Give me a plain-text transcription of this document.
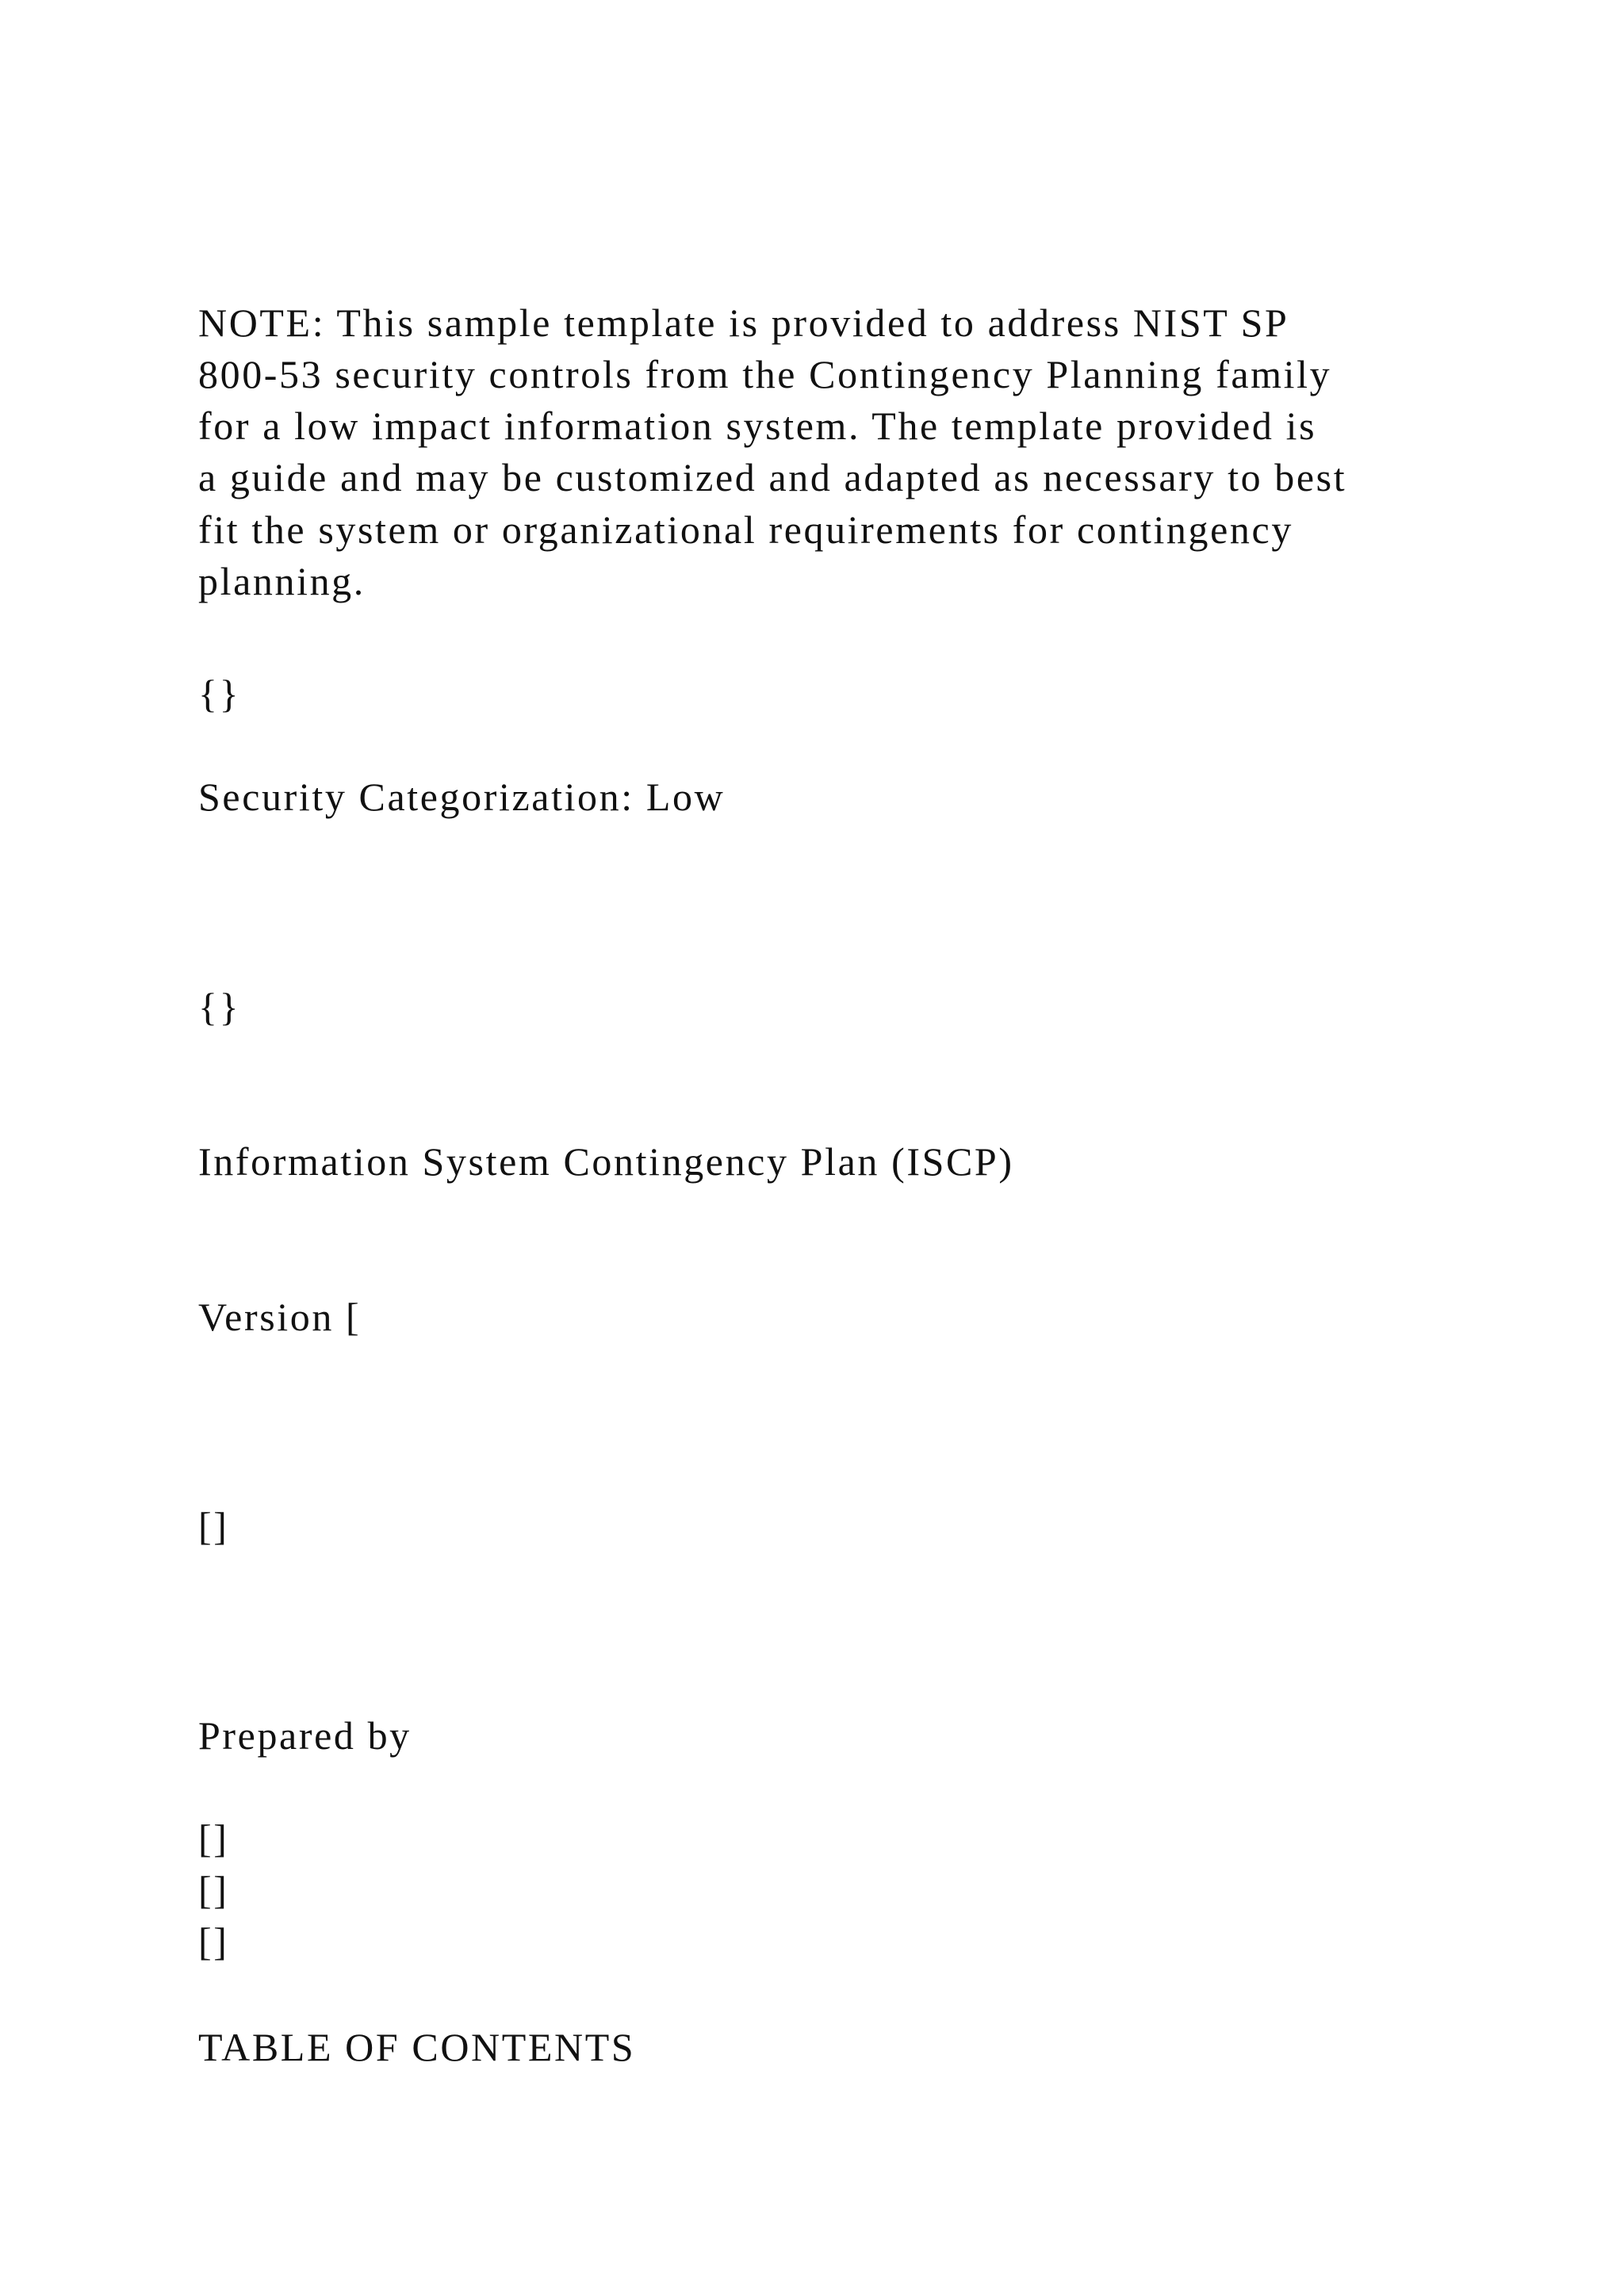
NOTE: This sample template is provided to address NIST SP

800-53 security controls from the Contingency Planning family

for a low impact information system. The template provided is

a guide and may be customized and adapted as necessary to best

fit the system or organizational requirements for contingency

planning.

{}

Security Categorization: Low

{}

Information System Contingency Plan (ISCP)

Version [

[]

Prepared by

[]

[]

[]

TABLE OF CONTENTS
